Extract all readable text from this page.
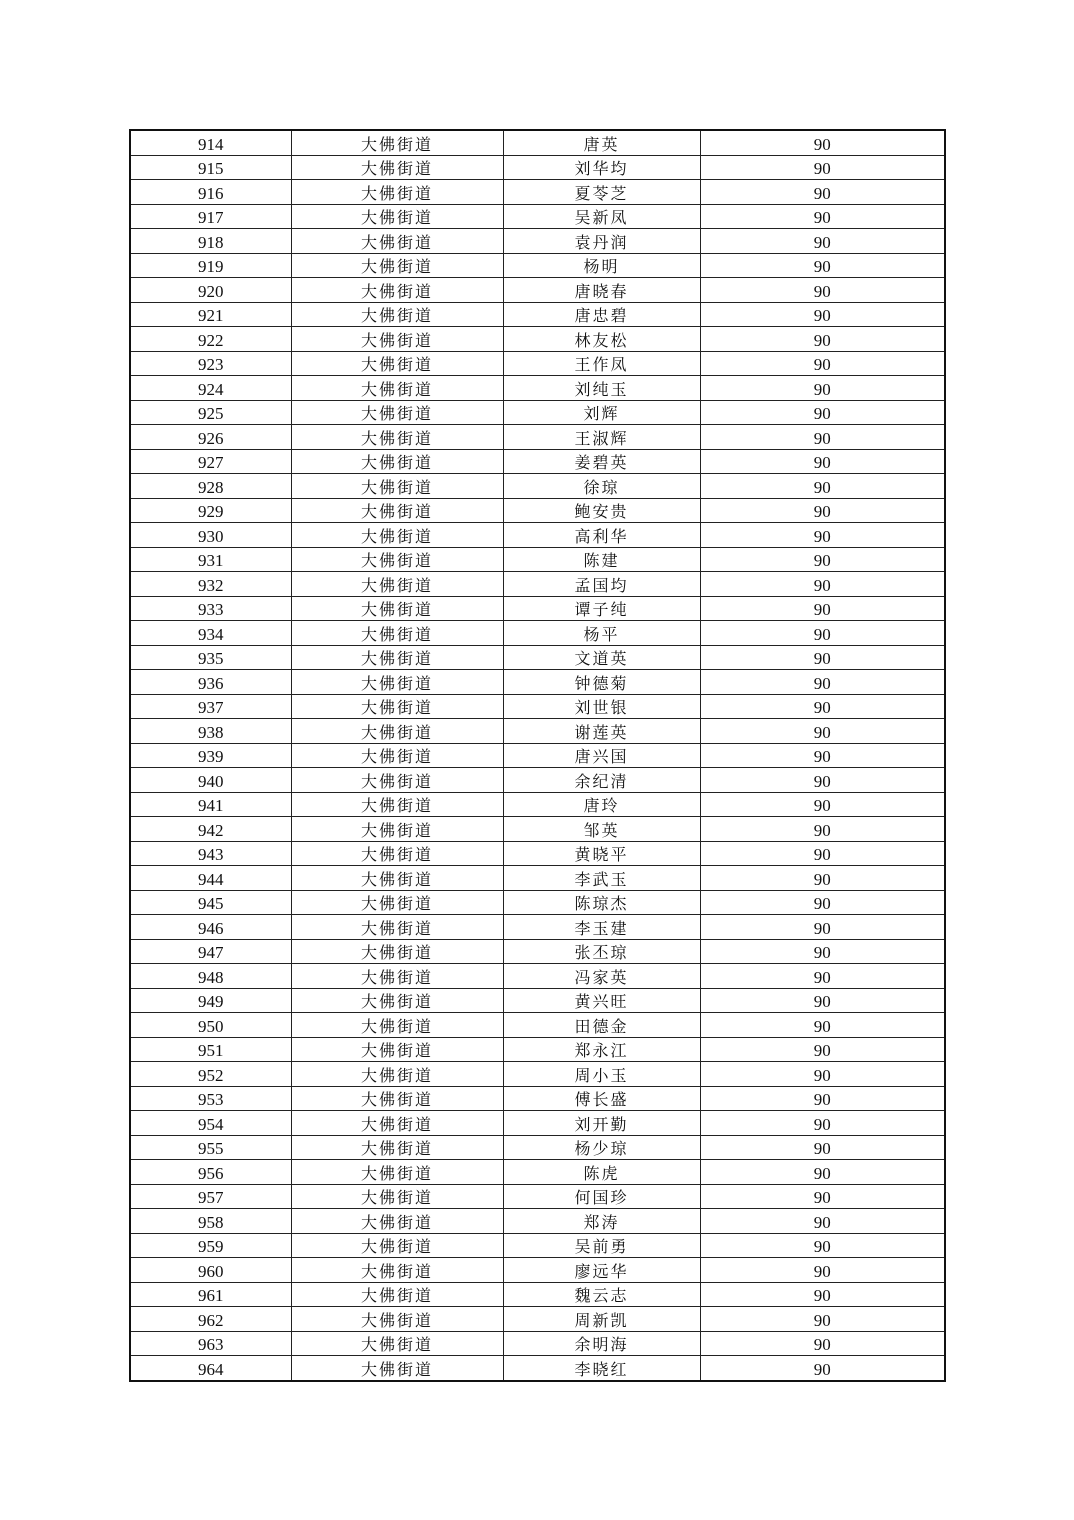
914	大佛街道	唐英	90
915	大佛街道	刘华均	90
916	大佛街道	夏苓芝	90
917	大佛街道	吴新凤	90
918	大佛街道	袁丹润	90
919	大佛街道	杨明	90
920	大佛街道	唐晓春	90
921	大佛街道	唐忠碧	90
922	大佛街道	林友松	90
923	大佛街道	王作凤	90
924	大佛街道	刘纯玉	90
925	大佛街道	刘辉	90
926	大佛街道	王淑辉	90
927	大佛街道	姜碧英	90
928	大佛街道	徐琼	90
929	大佛街道	鲍安贵	90
930	大佛街道	高利华	90
931	大佛街道	陈建	90
932	大佛街道	孟国均	90
933	大佛街道	谭子纯	90
934	大佛街道	杨平	90
935	大佛街道	文道英	90
936	大佛街道	钟德菊	90
937	大佛街道	刘世银	90
938	大佛街道	谢莲英	90
939	大佛街道	唐兴国	90
940	大佛街道	余纪清	90
941	大佛街道	唐玲	90
942	大佛街道	邹英	90
943	大佛街道	黄晓平	90
944	大佛街道	李武玉	90
945	大佛街道	陈琼杰	90
946	大佛街道	李玉建	90
947	大佛街道	张丕琼	90
948	大佛街道	冯家英	90
949	大佛街道	黄兴旺	90
950	大佛街道	田德金	90
951	大佛街道	郑永江	90
952	大佛街道	周小玉	90
953	大佛街道	傅长盛	90
954	大佛街道	刘开勤	90
955	大佛街道	杨少琼	90
956	大佛街道	陈虎	90
957	大佛街道	何国珍	90
958	大佛街道	郑涛	90
959	大佛街道	吴前勇	90
960	大佛街道	廖远华	90
961	大佛街道	魏云志	90
962	大佛街道	周新凯	90
963	大佛街道	余明海	90
964	大佛街道	李晓红	90
